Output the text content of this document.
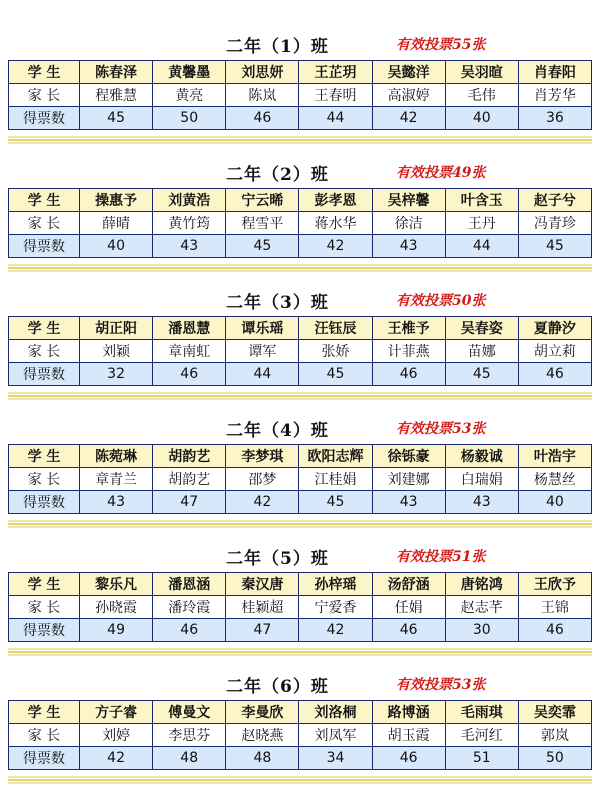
二年（1）班	有效投票55张
学 生	陈春泽	黄馨墨	刘思妍	王芷玥	吴懿洋	吴羽暄	肖春阳
家 长	程雅慧	黄亮	陈岚	王春明	高淑婷	毛伟	肖芳华
得票数	45	50	46	44	42	40	36
二年（2）班	有效投票49张
学 生	操惠予	刘黄浩	宁云晞	彭孝恩	吴梓馨	叶含玉	赵子兮
家 长	薛晴	黄竹筠	程雪平	蒋水华	徐洁	王丹	冯青珍
得票数	40	43	45	42	43	44	45
二年（3）班	有效投票50张
学 生	胡正阳	潘恩慧	谭乐瑶	汪钰辰	王椎予	吴春姿	夏静汐
家 长	刘颖	章南虹	谭军	张娇	计菲燕	苗娜	胡立莉
得票数	32	46	44	45	46	45	46
二年（4）班	有效投票53张
学 生	陈菀琳	胡韵艺	李梦琪	欧阳志辉	徐铄豪	杨毅诚	叶浩宇
家 长	章青兰	胡韵艺	邵梦	江桂娟	刘建娜	白瑞娟	杨慧丝
得票数	43	47	42	45	43	43	40
二年（5）班	有效投票51张
学 生	黎乐凡	潘恩涵	秦汉唐	孙梓瑶	汤舒涵	唐铭鸿	王欣予
家 长	孙晓霞	潘玲霞	桂颖超	宁爱香	任娟	赵志芊	王锦
得票数	49	46	47	42	46	30	46
二年（6）班	有效投票53张
学 生	方子睿	傅曼文	李曼欣	刘洛桐	路博涵	毛雨琪	吴奕霏
家 长	刘婷	李思芬	赵晓燕	刘凤军	胡玉霞	毛河红	郭岚
得票数	42	48	48	34	46	51	50
